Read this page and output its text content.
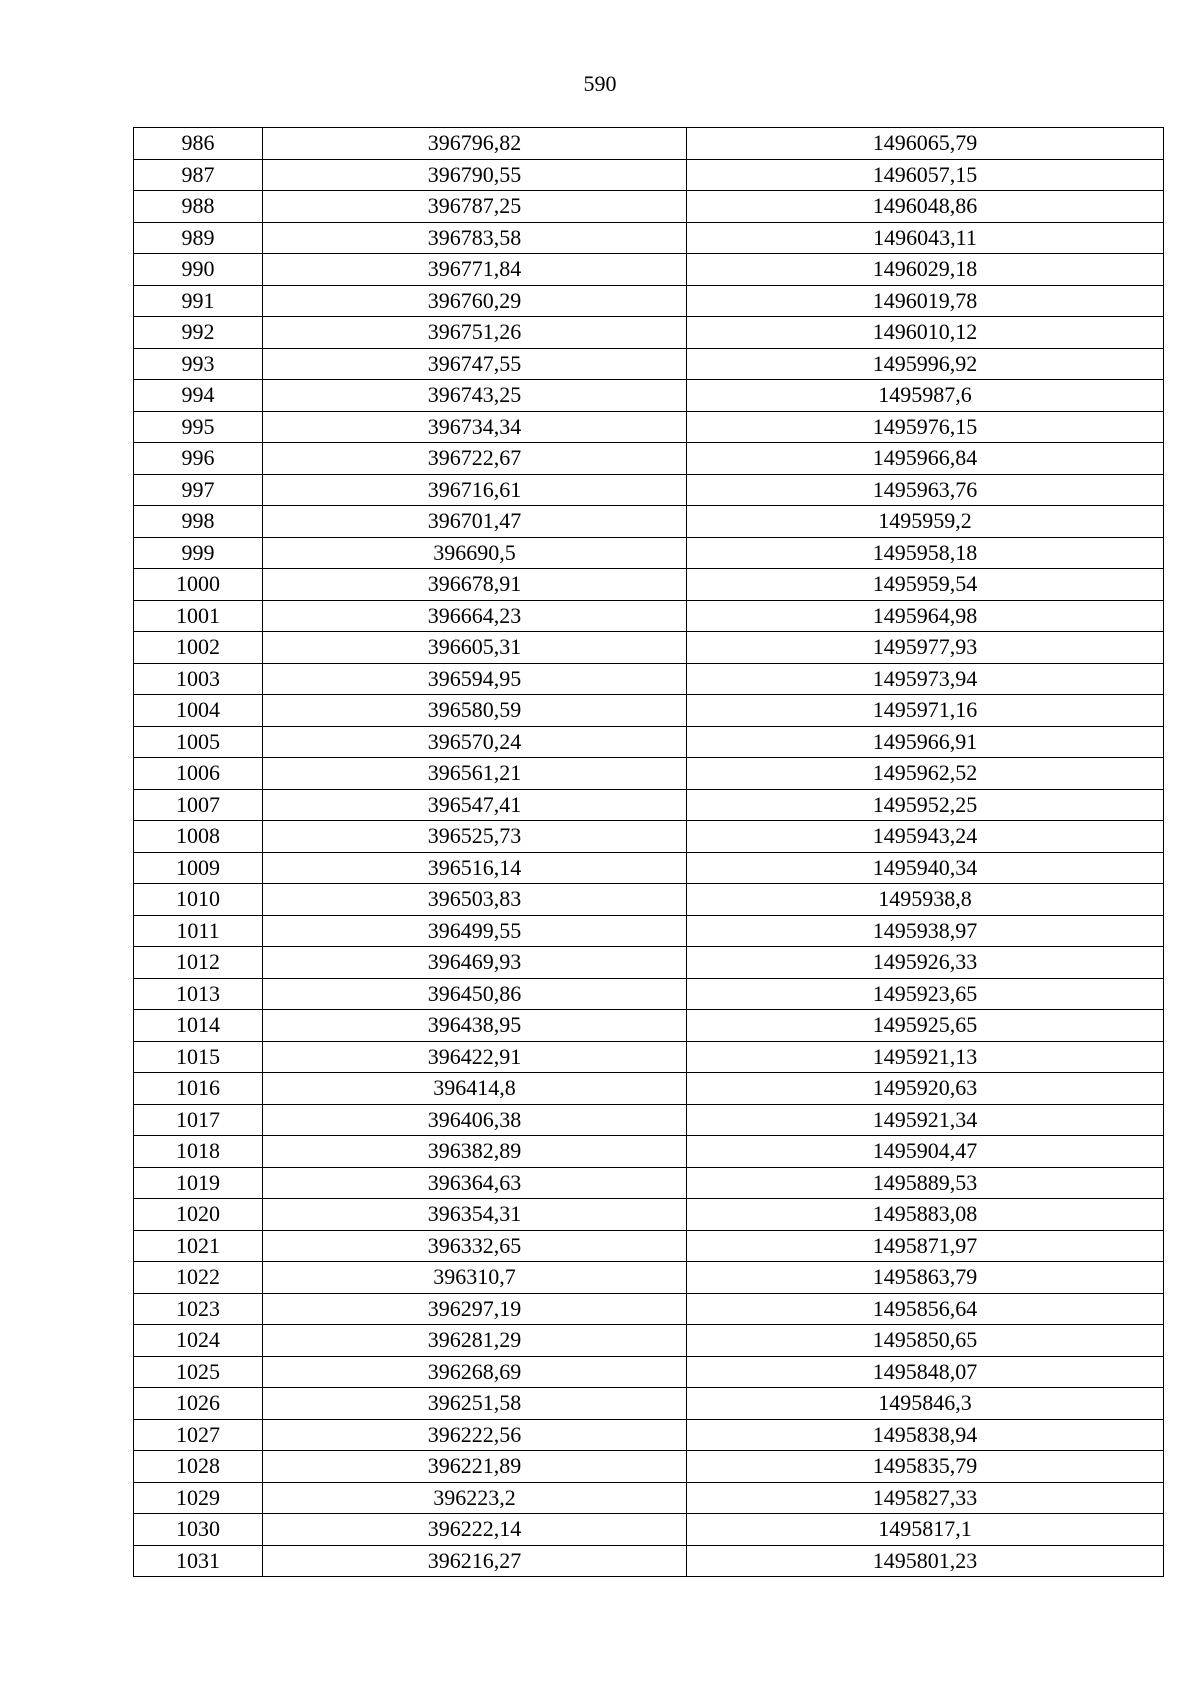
590
986	396796,82	1496065,79
987	396790,55	1496057,15
988	396787,25	1496048,86
989	396783,58	1496043,11
990	396771,84	1496029,18
991	396760,29	1496019,78
992	396751,26	1496010,12
993	396747,55	1495996,92
994	396743,25	1495987,6
995	396734,34	1495976,15
996	396722,67	1495966,84
997	396716,61	1495963,76
998	396701,47	1495959,2
999	396690,5	1495958,18
1000	396678,91	1495959,54
1001	396664,23	1495964,98
1002	396605,31	1495977,93
1003	396594,95	1495973,94
1004	396580,59	1495971,16
1005	396570,24	1495966,91
1006	396561,21	1495962,52
1007	396547,41	1495952,25
1008	396525,73	1495943,24
1009	396516,14	1495940,34
1010	396503,83	1495938,8
1011	396499,55	1495938,97
1012	396469,93	1495926,33
1013	396450,86	1495923,65
1014	396438,95	1495925,65
1015	396422,91	1495921,13
1016	396414,8	1495920,63
1017	396406,38	1495921,34
1018	396382,89	1495904,47
1019	396364,63	1495889,53
1020	396354,31	1495883,08
1021	396332,65	1495871,97
1022	396310,7	1495863,79
1023	396297,19	1495856,64
1024	396281,29	1495850,65
1025	396268,69	1495848,07
1026	396251,58	1495846,3
1027	396222,56	1495838,94
1028	396221,89	1495835,79
1029	396223,2	1495827,33
1030	396222,14	1495817,1
1031	396216,27	1495801,23
